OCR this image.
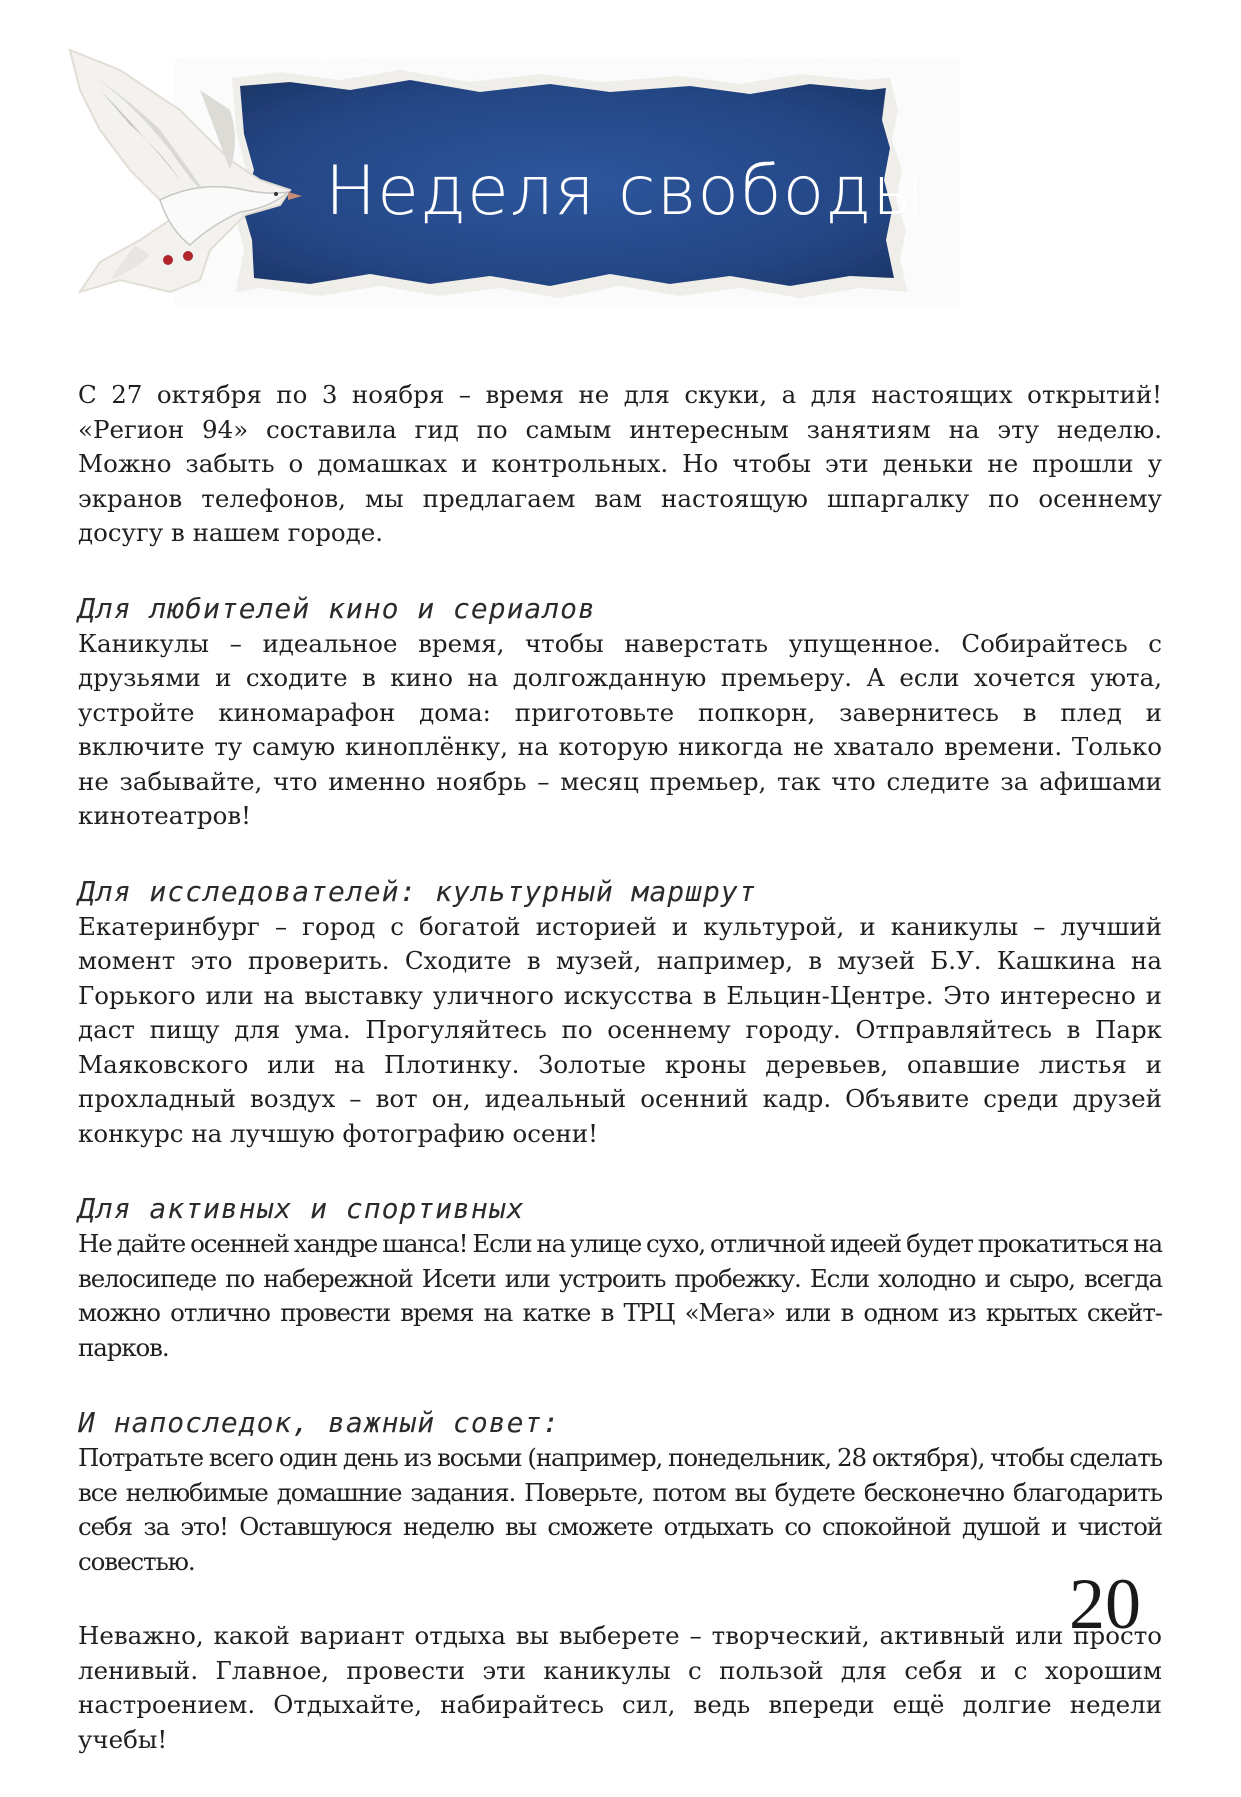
Неделя свободы

С 27 октября по 3 ноября – время не для скуки, а для настоящих открытий! «Регион 94» составила гид по самым интересным занятиям на эту неделю. Можно забыть о домашках и контрольных. Но чтобы эти деньки не прошли у экранов телефонов, мы предлагаем вам настоящую шпаргалку по осеннему досугу в нашем городе.

Для любителей кино и сериалов

Каникулы – идеальное время, чтобы наверстать упущенное. Собирайтесь с друзьями и сходите в кино на долгожданную премьеру. А если хочется уюта, устройте киномарафон дома: приготовьте попкорн, завернитесь в плед и включите ту самую киноплёнку, на которую никогда не хватало времени. Только не забывайте, что именно ноябрь – месяц премьер, так что следите за афишами кинотеатров!

Для исследователей: культурный маршрут

Екатеринбург – город с богатой историей и культурой, и каникулы – лучший момент это проверить. Сходите в музей, например, в музей Б.У. Кашкина на Горького или на выставку уличного искусства в Ельцин-Центре. Это интересно и даст пищу для ума. Прогуляйтесь по осеннему городу. Отправляйтесь в Парк Маяковского или на Плотинку. Золотые кроны деревьев, опавшие листья и прохладный воздух – вот он, идеальный осенний кадр. Объявите среди друзей конкурс на лучшую фотографию осени!

Для активных и спортивных

Не дайте осенней хандре шанса! Если на улице сухо, отличной идеей будет прокатиться на велосипеде по набережной Исети или устроить пробежку. Если холодно и сыро, всегда можно отлично провести время на катке в ТРЦ «Мега» или в одном из крытых скейт-парков.

И напоследок, важный совет:

Потратьте всего один день из восьми (например, понедельник, 28 октября), чтобы сделать все нелюбимые домашние задания. Поверьте, потом вы будете бесконечно благодарить себя за это! Оставшуюся неделю вы сможете отдыхать со спокойной душой и чистой совестью.

Неважно, какой вариант отдыха вы выберете – творческий, активный или просто ленивый. Главное, провести эти каникулы с пользой для себя и с хорошим настроением. Отдыхайте, набирайтесь сил, ведь впереди ещё долгие недели учебы!

20
